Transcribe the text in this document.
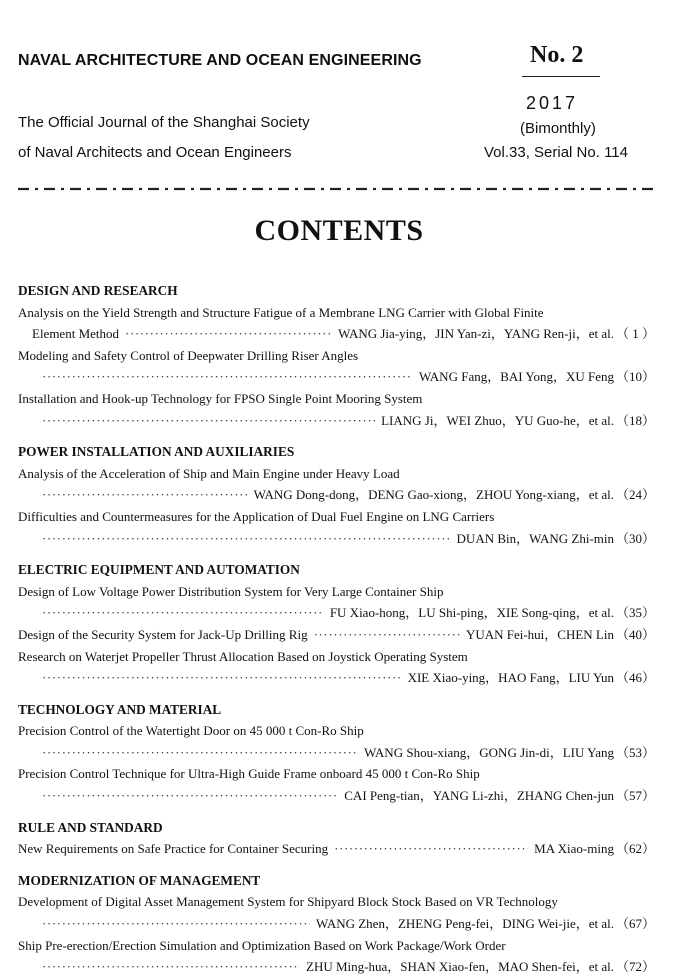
NAVAL ARCHITECTURE AND OCEAN ENGINEERING	No. 2
2017
The Official Journal of the Shanghai Society	(Bimonthly)
of Naval Architects and Ocean Engineers	Vol.33, Serial No. 114
CONTENTS
DESIGN AND RESEARCH
Analysis on the Yield Strength and Structure Fatigue of a Membrane LNG Carrier with Global Finite
Element Method ·····	WANG Jia-ying，JIN Yan-zi，YANG Ren-ji，et al. （ 1 ）
Modeling and Safety Control of Deepwater Drilling Riser Angles
·····
WANG Fang，BAI Yong，XU Feng （10）
Installation and Hook-up Technology for FPSO Single Point Mooring System
·····
LIANG Ji，WEI Zhuo，YU Guo-he，et al. （18）
POWER INSTALLATION AND AUXILIARIES
Analysis of the Acceleration of Ship and Main Engine under Heavy Load
·····
WANG Dong-dong，DENG Gao-xiong，ZHOU Yong-xiang，et al. （24）
Difficulties and Countermeasures for the Application of Dual Fuel Engine on LNG Carriers
·····
DUAN Bin，WANG Zhi-min （30）
ELECTRIC EQUIPMENT AND AUTOMATION
Design of Low Voltage Power Distribution System for Very Large Container Ship
·····
FU Xiao-hong，LU Shi-ping，XIE Song-qing，et al. （35）
Design of the Security System for Jack-Up Drilling Rig ·····	YUAN Fei-hui，CHEN Lin （40）
Research on Waterjet Propeller Thrust Allocation Based on Joystick Operating System
·····
XIE Xiao-ying，HAO Fang，LIU Yun （46）
TECHNOLOGY AND MATERIAL
Precision Control of the Watertight Door on 45 000 t Con-Ro Ship
·····
WANG Shou-xiang，GONG Jin-di，LIU Yang （53）
Precision Control Technique for Ultra-High Guide Frame onboard 45 000 t Con-Ro Ship
·····
CAI Peng-tian，YANG Li-zhi，ZHANG Chen-jun （57）
RULE AND STANDARD
New Requirements on Safe Practice for Container Securing ·····	MA Xiao-ming （62）
MODERNIZATION OF MANAGEMENT
Development of Digital Asset Management System for Shipyard Block Stock Based on VR Technology
·····
WANG Zhen，ZHENG Peng-fei，DING Wei-jie，et al. （67）
Ship Pre-erection/Erection Simulation and Optimization Based on Work Package/Work Order
·····
ZHU Ming-hua，SHAN Xiao-fen，MAO Shen-fei，et al. （72）
